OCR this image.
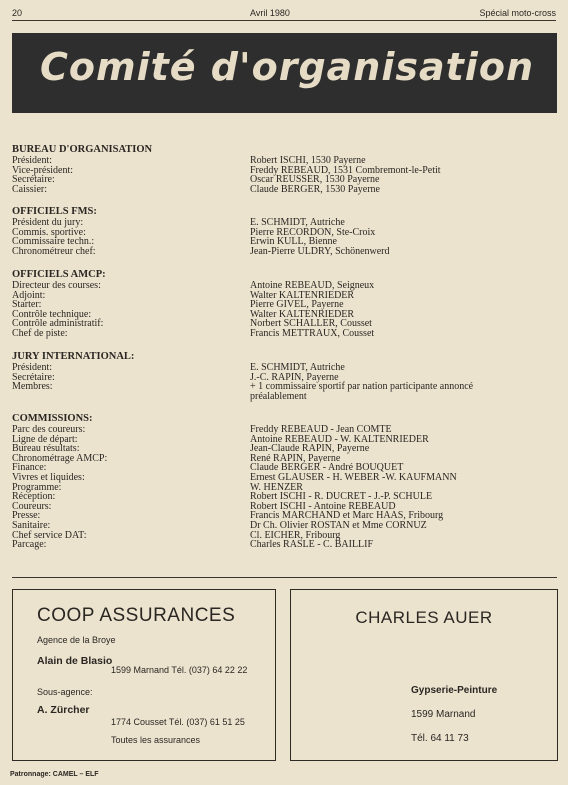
20	Avril 1980	Spécial moto-cross
Comité d'organisation
BUREAU D'ORGANISATION
Président:	Robert ISCHI, 1530 Payerne
Vice-président:	Freddy REBEAUD, 1531 Combremont-le-Petit
Secrétaire:	Oscar REUSSER, 1530 Payerne
Caissier:	Claude BERGER, 1530 Payerne
OFFICIELS FMS:
Président du jury:	E. SCHMIDT, Autriche
Commis. sportive:	Pierre RECORDON, Ste-Croix
Commissaire techn.:	Erwin KULL, Bienne
Chronométreur chef:	Jean-Pierre ULDRY, Schönenwerd
OFFICIELS AMCP:
Directeur des courses:	Antoine REBEAUD, Seigneux
Adjoint:	Walter KALTENRIEDER
Starter:	Pierre GIVEL, Payerne
Contrôle technique:	Walter KALTENRIEDER
Contrôle administratif:	Norbert SCHALLER, Cousset
Chef de piste:	Francis METTRAUX, Cousset
JURY INTERNATIONAL:
Président:	E. SCHMIDT, Autriche
Secrétaire:	J.-C. RAPIN, Payerne
Membres:	+ 1 commissaire sportif par nation participante annoncé
préalablement
COMMISSIONS:
Parc des coureurs:	Freddy REBEAUD - Jean COMTE
Ligne de départ:	Antoine REBEAUD - W. KALTENRIEDER
Bureau résultats:	Jean-Claude RAPIN, Payerne
Chronométrage AMCP:	René RAPIN, Payerne
Finance:	Claude BERGER - André BOUQUET
Vivres et liquides:	Ernest GLAUSER - H. WEBER -W. KAUFMANN
Programme:	W. HENZER
Réception:	Robert ISCHI - R. DUCRET - J.-P. SCHULE
Coureurs:	Robert ISCHI - Antoine REBEAUD
Presse:	Francis MARCHAND et Marc HAAS, Fribourg
Sanitaire:	Dr Ch. Olivier ROSTAN et Mme CORNUZ
Chef service DAT:	Cl. EICHER, Fribourg
Parcage:	Charles RASLE - C. BAILLIF
COOP ASSURANCES
Agence de la Broye
Alain de Blasio
1599 Marnand Tél. (037) 64 22 22
Sous-agence:
A. Zürcher
1774 Cousset Tél. (037) 61 51 25
Toutes les assurances
CHARLES AUER
Gypserie-Peinture
1599 Marnand
Tél. 64 11 73
Patronnage: CAMEL – ELF
